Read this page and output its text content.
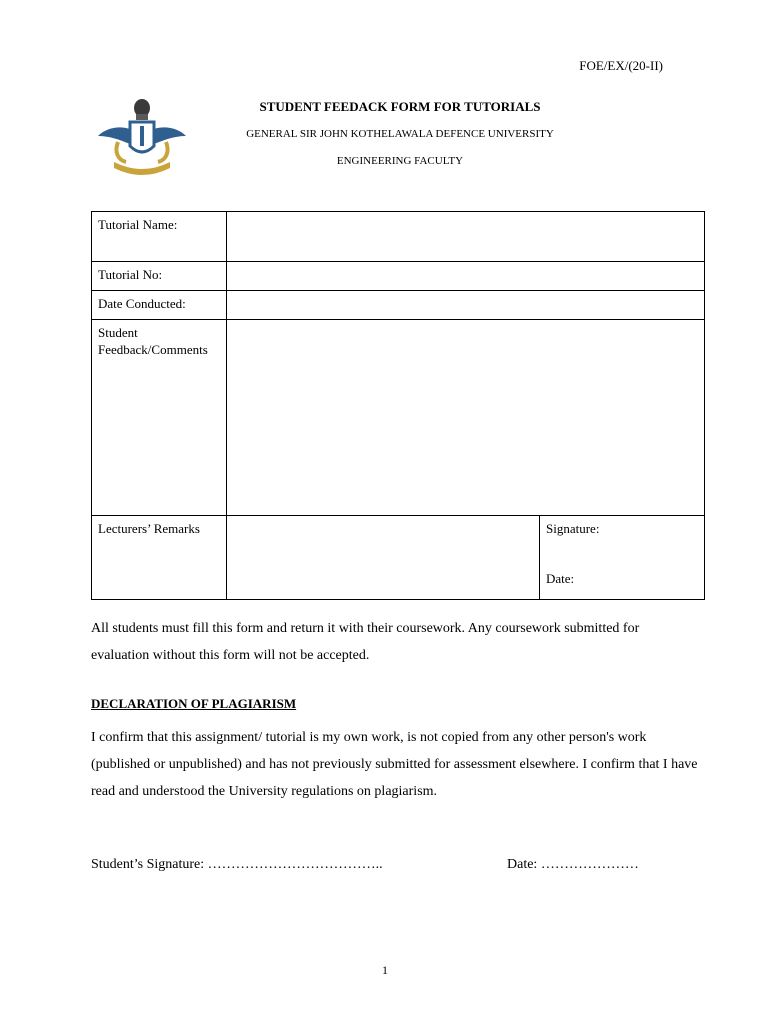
FOE/EX/(20-II)
STUDENT FEEDACK FORM FOR TUTORIALS
GENERAL SIR JOHN KOTHELAWALA DEFENCE UNIVERSITY
ENGINEERING FACULTY
Tutorial Name:		
Tutorial No:		
Date Conducted:		

Student
Feedback/Comments		

Lecturers’ Remarks		Signature:
Date:
All students must fill this form and return it with their coursework. Any coursework submitted for evaluation without this form will not be accepted.
DECLARATION OF PLAGIARISM
I confirm that this assignment/ tutorial is my own work, is not copied from any other person's work (published or unpublished) and has not previously submitted for assessment elsewhere. I confirm that I have read and understood the University regulations on plagiarism.
Student’s Signature: ………………………………..	Date: …………………
1
